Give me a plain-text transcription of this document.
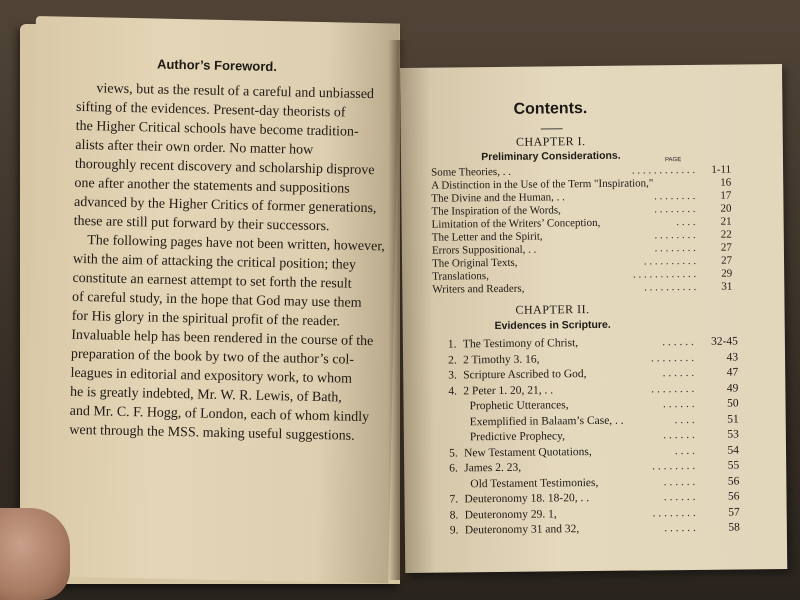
Author’s Foreword.
views, but as the result of a careful and unbiassed
sifting of the evidences. Present-day theorists of
the Higher Critical schools have become tradition-
alists after their own order. No matter how
thoroughly recent discovery and scholarship disprove
one after another the statements and suppositions
advanced by the Higher Critics of former generations,
these are still put forward by their successors.
The following pages have not been written, however,
with the aim of attacking the critical position; they
constitute an earnest attempt to set forth the result
of careful study, in the hope that God may use them
for His glory in the spiritual profit of the reader.
Invaluable help has been rendered in the course of the
preparation of the book by two of the author’s col-
leagues in editorial and expository work, to whom
he is greatly indebted, Mr. W. R. Lewis, of Bath,
and Mr. C. F. Hogg, of London, each of whom kindly
went through the MSS. making useful suggestions.
Contents.
CHAPTER I.
Preliminary Considerations.	PAGE
Some Theories, . .	. . . . . . . . . . . . 1-11
A Distinction in the Use of the Term "Inspiration,"	16
The Divine and the Human, . .	. . . . . . . . 17
The Inspiration of the Words,	. . . . . . . . 20
Limitation of the Writers’ Conception,	. . . . 21
The Letter and the Spirit,	. . . . . . . . 22
Errors Suppositional, . .	. . . . . . . . 27
The Original Texts,	. . . . . . . . . . 27
Translations,	. . . . . . . . . . . . 29
Writers and Readers,	. . . . . . . . . . 31
CHAPTER II.
Evidences in Scripture.
1. The Testimony of Christ,	. . . . . . 32-45
2. 2 Timothy 3. 16,	. . . . . . . .	43
3. Scripture Ascribed to God,	. . . . . .	47
4. 2 Peter 1. 20, 21, . .	. . . . . . . .	49
Prophetic Utterances,	. . . . . .	50
Exemplified in Balaam’s Case, . .	. . . .	51
Predictive Prophecy,	. . . . . .	53
5. New Testament Quotations,	. . . .	54
6. James 2. 23,	. . . . . . . .	55
Old Testament Testimonies,	. . . . . .	56
7. Deuteronomy 18. 18-20, . .	. . . . . .	56
8. Deuteronomy 29. 1,	. . . . . . . .	57
9. Deuteronomy 31 and 32,	. . . . . .	58
